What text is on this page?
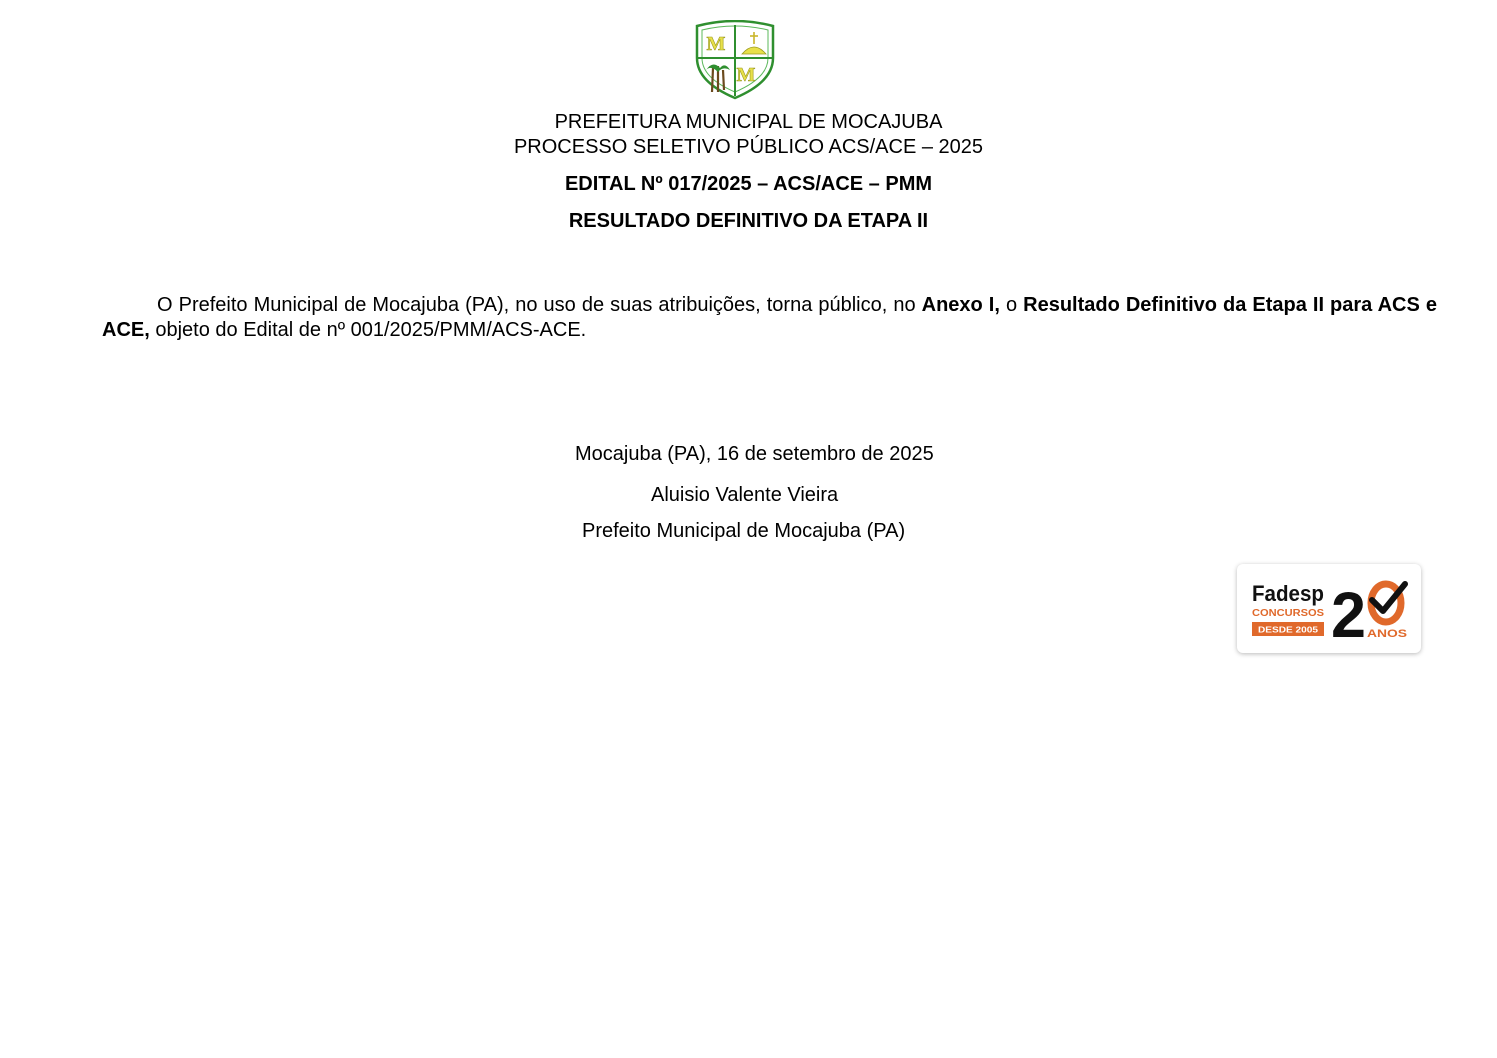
M
M
PREFEITURA MUNICIPAL DE MOCAJUBA
PROCESSO SELETIVO PÚBLICO ACS/ACE – 2025
EDITAL Nº 017/2025 – ACS/ACE – PMM
RESULTADO DEFINITIVO DA ETAPA II

O Prefeito Municipal de Mocajuba (PA), no uso de suas atribuições, torna público, no Anexo I, o Resultado Definitivo da Etapa II para ACS e ACE, objeto do Edital de nº 001/2025/PMM/ACS-ACE.

Mocajuba (PA), 16 de setembro de 2025
Aluisio Valente Vieira
Prefeito Municipal de Mocajuba (PA)
Fadesp
CONCURSOS
DESDE 2005 2 ANOS
